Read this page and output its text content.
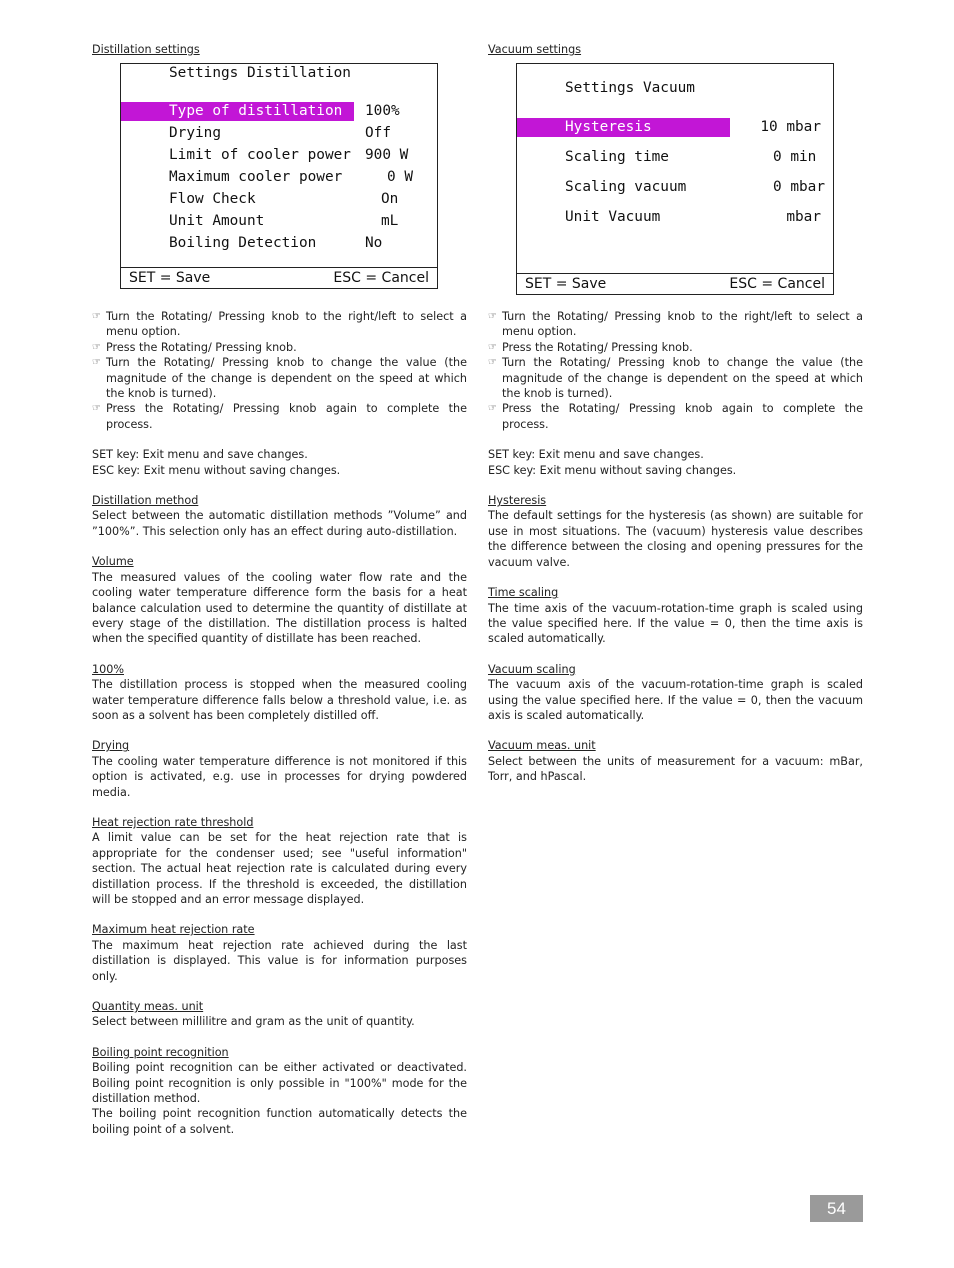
Distillation settings
Settings Distillation
Type of distillation 100%
Drying	Off
Limit of cooler power 900 W
Maximum cooler power	0 W
Flow Check	On
Unit Amount	mL
Boiling Detection	No
SET = Save	ESC = Cancel
☞ Turn the Rotating/ Pressing knob to the right/left to select a menu option.
☞ Press the Rotating/ Pressing knob.
☞ Turn the Rotating/ Pressing knob to change the value (the magnitude of the change is dependent on the speed at which the knob is turned).
☞ Press the Rotating/ Pressing knob again to complete the process.

SET key: Exit menu and save changes.

ESC key: Exit menu without saving changes.

Distillation method

Select between the automatic distillation methods ”Volume” and ”100%”. This selection only has an effect during auto-distillation.

Volume

The measured values of the cooling water flow rate and the cooling water temperature difference form the basis for a heat balance calculation used to determine the quantity of distillate at every stage of the distillation. The distillation process is halted when the specified quantity of distillate has been reached.

100%

The distillation process is stopped when the measured cooling water temperature difference falls below a threshold value, i.e. as soon as a solvent has been completely distilled off.

Drying

The cooling water temperature difference is not monitored if this option is activated, e.g. use in processes for drying powdered media.

Heat rejection rate threshold

A limit value can be set for the heat rejection rate that is appropriate for the condenser used; see "useful information" section. The actual heat rejection rate is calculated during every distillation process. If the threshold is exceeded, the distillation will be stopped and an error message displayed.

Maximum heat rejection rate

The maximum heat rejection rate achieved during the last distillation is displayed. This value is for information purposes only.

Quantity meas. unit

Select between millilitre and gram as the unit of quantity.

Boiling point recognition

Boiling point recognition can be either activated or deactivated. Boiling point recognition is only possible in "100%" mode for the distillation method.

The boiling point recognition function automatically detects the boiling point of a solvent.

Vacuum settings
Settings Vacuum
Hysteresis	10 mbar
Scaling time	0 min
Scaling vacuum	0 mbar
Unit Vacuum	mbar
SET = Save	ESC = Cancel
☞ Turn the Rotating/ Pressing knob to the right/left to select a menu option.
☞ Press the Rotating/ Pressing knob.
☞ Turn the Rotating/ Pressing knob to change the value (the magnitude of the change is dependent on the speed at which the knob is turned).
☞ Press the Rotating/ Pressing knob again to complete the process.

SET key: Exit menu and save changes.

ESC key: Exit menu without saving changes.

Hysteresis

The default settings for the hysteresis (as shown) are suitable for use in most situations. The (vacuum) hysteresis value describes the difference between the closing and opening pressures for the vacuum valve.

Time scaling

The time axis of the vacuum-rotation-time graph is scaled using the value specified here. If the value = 0, then the time axis is scaled automatically.

Vacuum scaling

The vacuum axis of the vacuum-rotation-time graph is scaled using the value specified here. If the value = 0, then the vacuum axis is scaled automatically.

Vacuum meas. unit

Select between the units of measurement for a vacuum: mBar, Torr, and hPascal.

54
